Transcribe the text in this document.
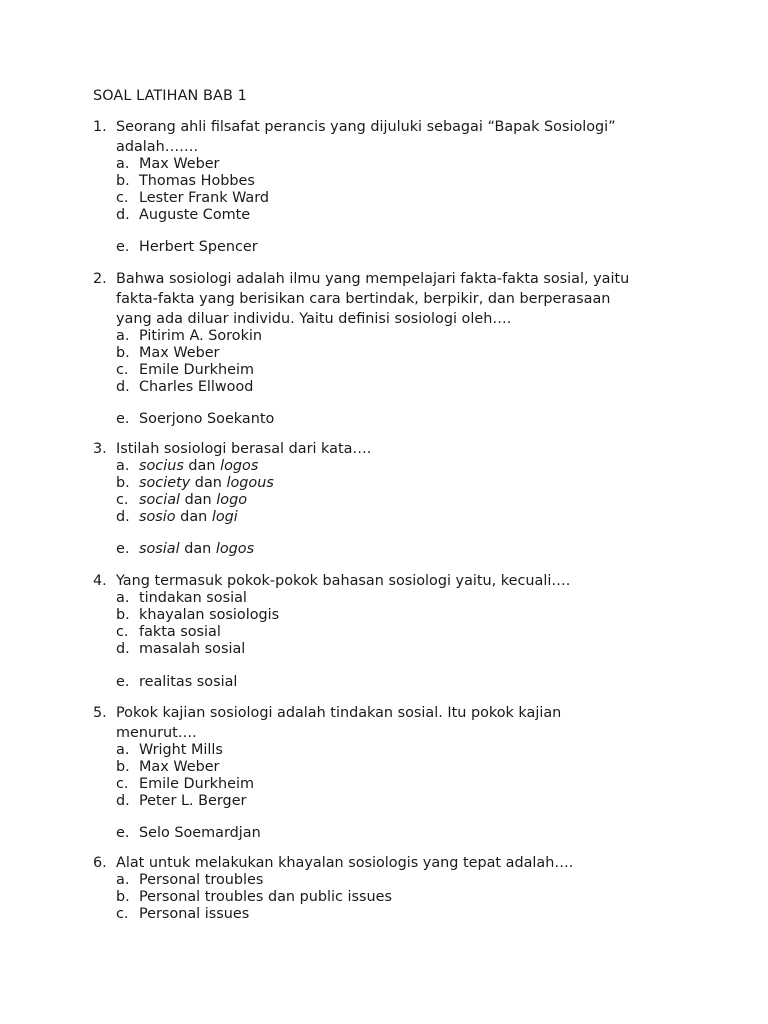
SOAL LATIHAN BAB 1
1. Seorang ahli filsafat perancis yang dijuluki sebagai “Bapak Sosiologi”
adalah…….
a. Max Weber
b. Thomas Hobbes
c. Lester Frank Ward
d. Auguste Comte
e. Herbert Spencer
2. Bahwa sosiologi adalah ilmu yang mempelajari fakta-fakta sosial, yaitu
fakta-fakta yang berisikan cara bertindak, berpikir, dan berperasaan
yang ada diluar individu. Yaitu definisi sosiologi oleh….
a. Pitirim A. Sorokin
b. Max Weber
c. Emile Durkheim
d. Charles Ellwood
e. Soerjono Soekanto
3. Istilah sosiologi berasal dari kata….
a. socius dan logos
b. society dan logous
c. social dan logo
d. sosio dan logi
e. sosial dan logos
4. Yang termasuk pokok-pokok bahasan sosiologi yaitu, kecuali….
a. tindakan sosial
b. khayalan sosiologis
c. fakta sosial
d. masalah sosial
e. realitas sosial
5. Pokok kajian sosiologi adalah tindakan sosial. Itu pokok kajian
menurut….
a. Wright Mills
b. Max Weber
c. Emile Durkheim
d. Peter L. Berger
e. Selo Soemardjan
6. Alat untuk melakukan khayalan sosiologis yang tepat adalah….
a. Personal troubles
b. Personal troubles dan public issues
c. Personal issues
